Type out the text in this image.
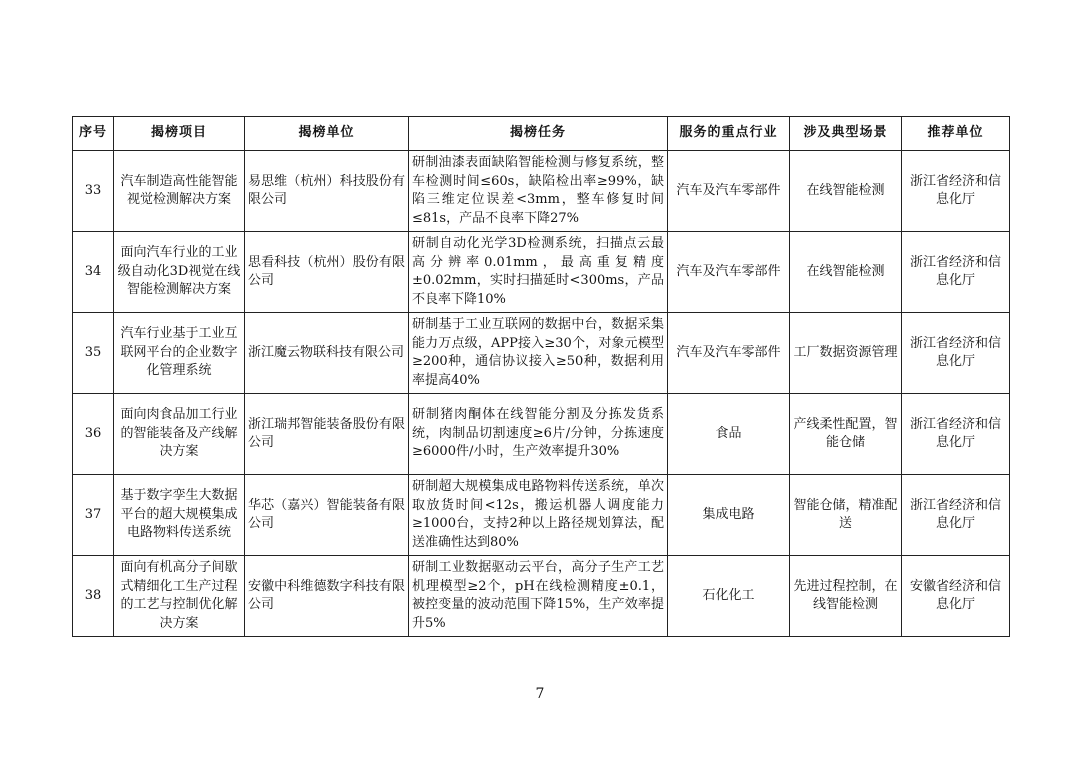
序号	揭榜项目	揭榜单位	揭榜任务	服务的重点行业	涉及典型场景	推荐单位
33	汽车制造高性能智能视觉检测解决方案	易思维（杭州）科技股份有限公司	研制油漆表面缺陷智能检测与修复系统，整车检测时间≤60s，缺陷检出率≥99%，缺陷三维定位误差<3mm，整车修复时间≤81s，产品不良率下降27%	汽车及汽车零部件	在线智能检测	浙江省经济和信息化厅
34	面向汽车行业的工业级自动化3D视觉在线智能检测解决方案	思看科技（杭州）股份有限公司	研制自动化光学3D检测系统，扫描点云最高分辨率0.01mm，最高重复精度±0.02mm，实时扫描延时<300ms，产品不良率下降10%	汽车及汽车零部件	在线智能检测	浙江省经济和信息化厅
35	汽车行业基于工业互联网平台的企业数字化管理系统	浙江魔云物联科技有限公司	研制基于工业互联网的数据中台，数据采集能力万点级，APP接入≥30个，对象元模型≥200种，通信协议接入≥50种，数据利用率提高40%	汽车及汽车零部件	工厂数据资源管理	浙江省经济和信息化厅
36	面向肉食品加工行业的智能装备及产线解决方案	浙江瑞邦智能装备股份有限公司	研制猪肉酮体在线智能分割及分拣发货系统，肉制品切割速度≥6片/分钟，分拣速度≥6000件/小时，生产效率提升30%	食品	产线柔性配置，智能仓储	浙江省经济和信息化厅
37	基于数字孪生大数据平台的超大规模集成电路物料传送系统	华芯（嘉兴）智能装备有限公司	研制超大规模集成电路物料传送系统，单次取放货时间<12s，搬运机器人调度能力≥1000台，支持2种以上路径规划算法，配送准确性达到80%	集成电路	智能仓储，精准配送	浙江省经济和信息化厅
38	面向有机高分子间歇式精细化工生产过程的工艺与控制优化解决方案	安徽中科维德数字科技有限公司	研制工业数据驱动云平台，高分子生产工艺机理模型≥2个，pH在线检测精度±0.1，被控变量的波动范围下降15%，生产效率提升5%	石化化工	先进过程控制，在线智能检测	安徽省经济和信息化厅
7
